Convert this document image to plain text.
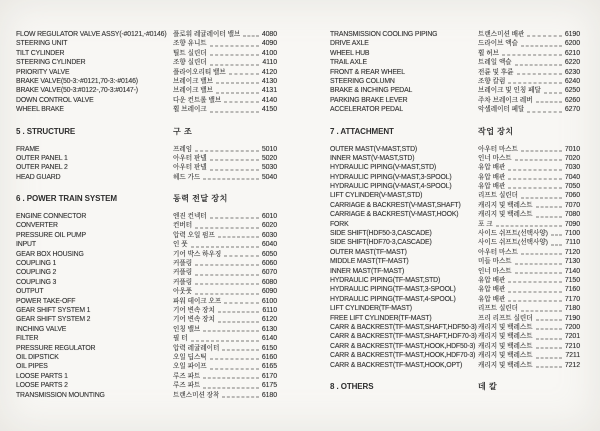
FLOW REGULATOR VALVE ASSY(-#0121,-#0146) 플로워 레귤레이터 밸브	4080
STEERING UNIT	조향 유니트	4090
TILT CYLINDER	틸트 실린더	4100
STEERING CYLINDER	조향 실린더	4110
PRIORITY VALVE	플라이오리티 밸브	4120
BRAKE VALVE(50-3:-#0121,70-3:-#0146)	브레이크 밸브	4130
BRAKE VALVE(50-3:#0122-,70-3:#0147-)	브레이크 밸브	4131
DOWN CONTROL VALVE	다운 컨트롤 밸브	4140
WHEEL BRAKE	휠 브레이크	4150
5 . STRUCTURE	구 조
FRAME	프레임	5010
OUTER PANEL 1	아우터 판넬	5020
OUTER PANEL 2	아우터 판넬	5030
HEAD GUARD	헤드 가드	5040
6 . POWER TRAIN SYSTEM	동력 전달 장치
ENGINE CONNECTOR	엔진 컨넥터	6010
CONVERTER	컨버터	6020
PRESSURE OIL PUMP	압력 오일 펌프	6030
INPUT	인 풋	6040
GEAR BOX HOUSING	기어 박스 하우징	6050
COUPLING 1	커플링	6060
COUPLING 2	커플링	6070
COUPLING 3	커플링	6080
OUTPUT	아웃풋	6090
POWER TAKE-OFF	파워 테이크 오프	6100
GEAR SHIFT SYSTEM 1	기어 변속 장치	6110
GEAR SHIFT SYSTEM 2	기어 변속 장치	6120
INCHING VALVE	인칭 밸브	6130
FILTER	필 터	6140
PRESSURE REGULATOR	압력 레귤레이터	6150
OIL DIPSTICK	오일 딥스틱	6160
OIL PIPES	오일 파이프	6165
LOOSE PARTS 1	루즈 파트	6170
LOOSE PARTS 2	루즈 파트	6175
TRANSMISSION MOUNTING	트랜스미션 장착	6180
TRANSMISSION COOLING PIPING	트랜스미션 배관	6190
DRIVE AXLE	드라이브 액슬	6200
WHEEL HUB	휠 허브	6210
TRAIL AXLE	트레일 액슬	6220
FRONT & REAR WHEEL	전륜 및 후륜	6230
STEERING COLUMN	조향 칼럼	6240
BRAKE & INCHING PEDAL	브레이크 및 인칭 페달	6250
PARKING BRAKE LEVER	주차 브레이크 레버	6260
ACCELERATOR PEDAL	악셀레이터 페달	6270
7 . ATTACHMENT	작업 장치
OUTER MAST(V-MAST,STD)	아우터 마스트	7010
INNER MAST(V-MAST,STD)	인너 마스트	7020
HYDRAULIC PIPING(V-MAST,STD)	유압 배관	7030
HYDRAULIC PIPING(V-MAST,3-SPOOL)	유압 배관	7040
HYDRAULIC PIPING(V-MAST,4-SPOOL)	유압 배관	7050
LIFT CYLINDER(V-MAST,STD)	리프트 실린더	7060
CARRIAGE & BACKREST(V-MAST,SHAFT)	캐리지 및 백레스트	7070
CARRIAGE & BACKREST(V-MAST,HOOK)	캐리지 및 백레스트	7080
FORK	포 크	7090
SIDE SHIFT(HDF50-3,CASCADE)	사이드 쉬프트(선택사양) 7100
SIDE SHIFT(HDF70-3,CASCADE)	사이드 쉬프트(선택사양) 7110
OUTER MAST(TF-MAST)	아우터 마스트	7120
MIDDLE MAST(TF-MAST)	미들 마스트	7130
INNER MAST(TF-MAST)	인너 마스트	7140
HYDRAULIC PIPING(TF-MAST,STD)	유압 배관	7150
HYDRAULIC PIPING(TF-MAST,3-SPOOL)	유압 배관	7160
HYDRAULIC PIPING(TF-MAST,4-SPOOL)	유압 배관	7170
LIFT CYLINDER(TF-MAST)	리프트 실린더	7180
FREE LIFT CYLINDER(TF-MAST)	프리 리프트 실린더	7190
CARR & BACKREST(TF-MAST,SHAFT,HDF50-3) 캐리지 및 백레스트	7200
CARR & BACKREST(TF-MAST,SHAFT,HDF70-3) 캐리지 및 백레스트	7201
CARR & BACKREST(TF-MAST,HOOK,HDF50-3) 캐리지 및 백레스트	7210
CARR & BACKREST(TF-MAST,HOOK,HDF70-3) 캐리지 및 백레스트	7211
CARR & BACKREST(TF-MAST,HOOK,OPT)	캐리지 및 백레스트	7212
8 . OTHERS	데 칼
